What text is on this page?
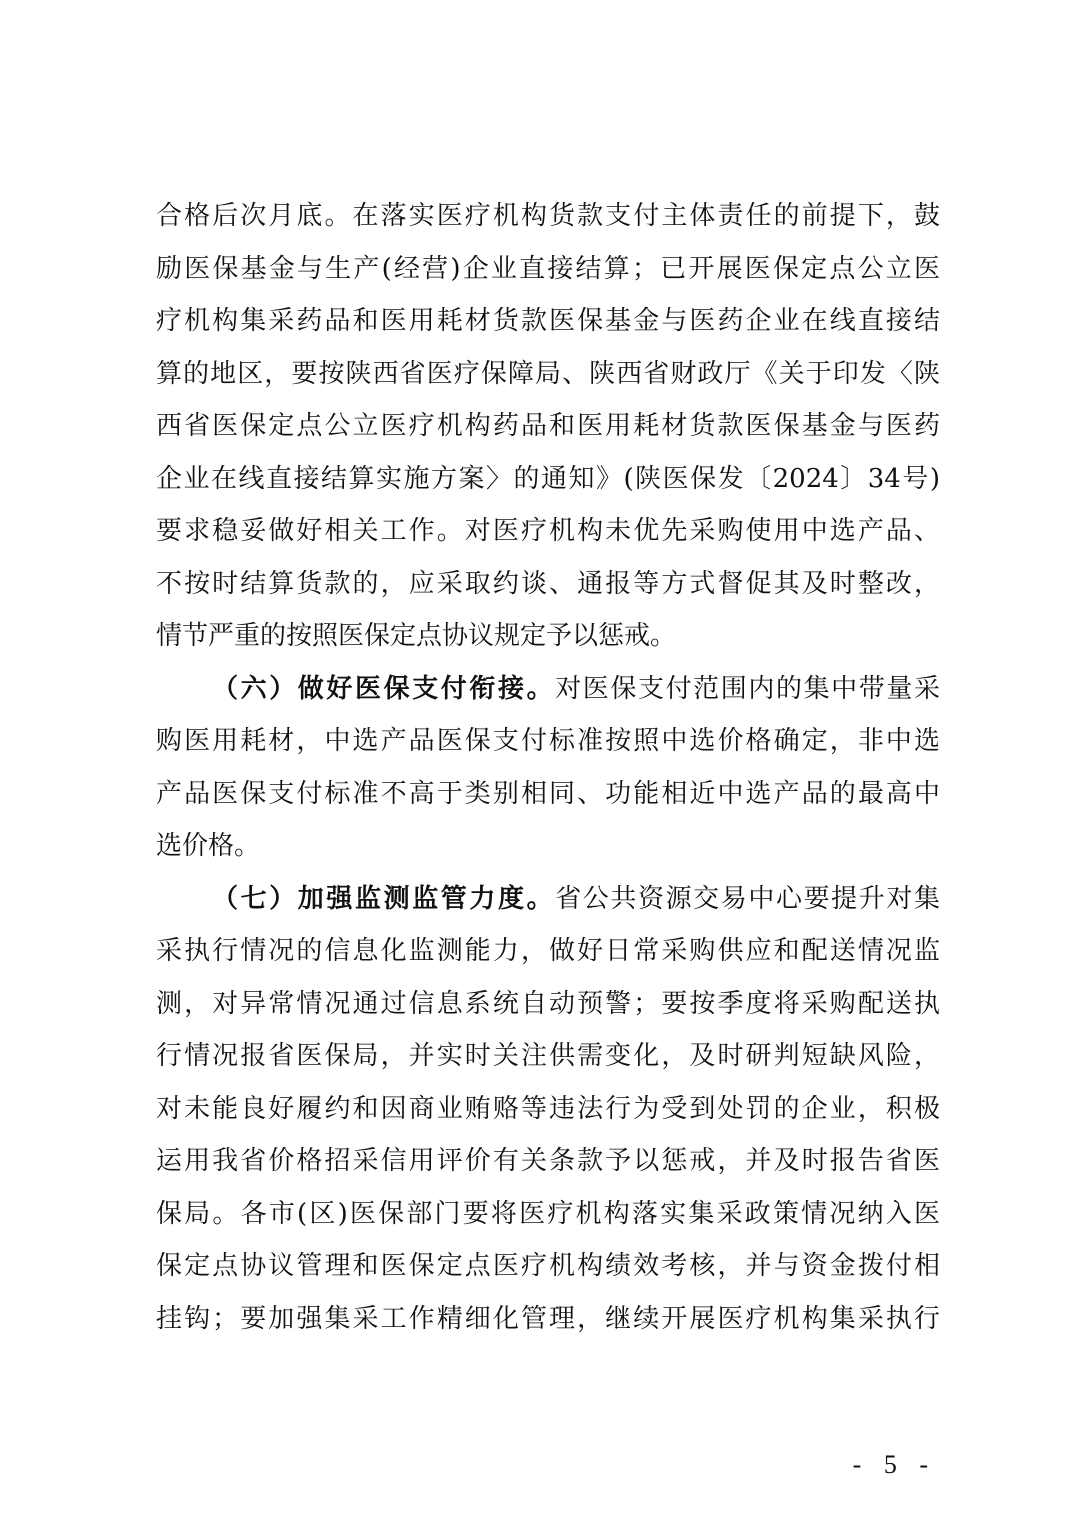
合格后次月底。在落实医疗机构货款支付主体责任的前提下，鼓
励医保基金与生产(经营)企业直接结算；已开展医保定点公立医
疗机构集采药品和医用耗材货款医保基金与医药企业在线直接结
算的地区，要按陕西省医疗保障局、陕西省财政厅《关于印发〈陕
西省医保定点公立医疗机构药品和医用耗材货款医保基金与医药
企业在线直接结算实施方案〉的通知》(陕医保发〔2024〕34号)
要求稳妥做好相关工作。对医疗机构未优先采购使用中选产品、
不按时结算货款的，应采取约谈、通报等方式督促其及时整改，
情节严重的按照医保定点协议规定予以惩戒。
（六）做好医保支付衔接。对医保支付范围内的集中带量采
购医用耗材，中选产品医保支付标准按照中选价格确定，非中选
产品医保支付标准不高于类别相同、功能相近中选产品的最高中
选价格。
（七）加强监测监管力度。省公共资源交易中心要提升对集
采执行情况的信息化监测能力，做好日常采购供应和配送情况监
测，对异常情况通过信息系统自动预警；要按季度将采购配送执
行情况报省医保局，并实时关注供需变化，及时研判短缺风险，
对未能良好履约和因商业贿赂等违法行为受到处罚的企业，积极
运用我省价格招采信用评价有关条款予以惩戒，并及时报告省医
保局。各市(区)医保部门要将医疗机构落实集采政策情况纳入医
保定点协议管理和医保定点医疗机构绩效考核，并与资金拨付相
挂钩；要加强集采工作精细化管理，继续开展医疗机构集采执行
- 5 -
